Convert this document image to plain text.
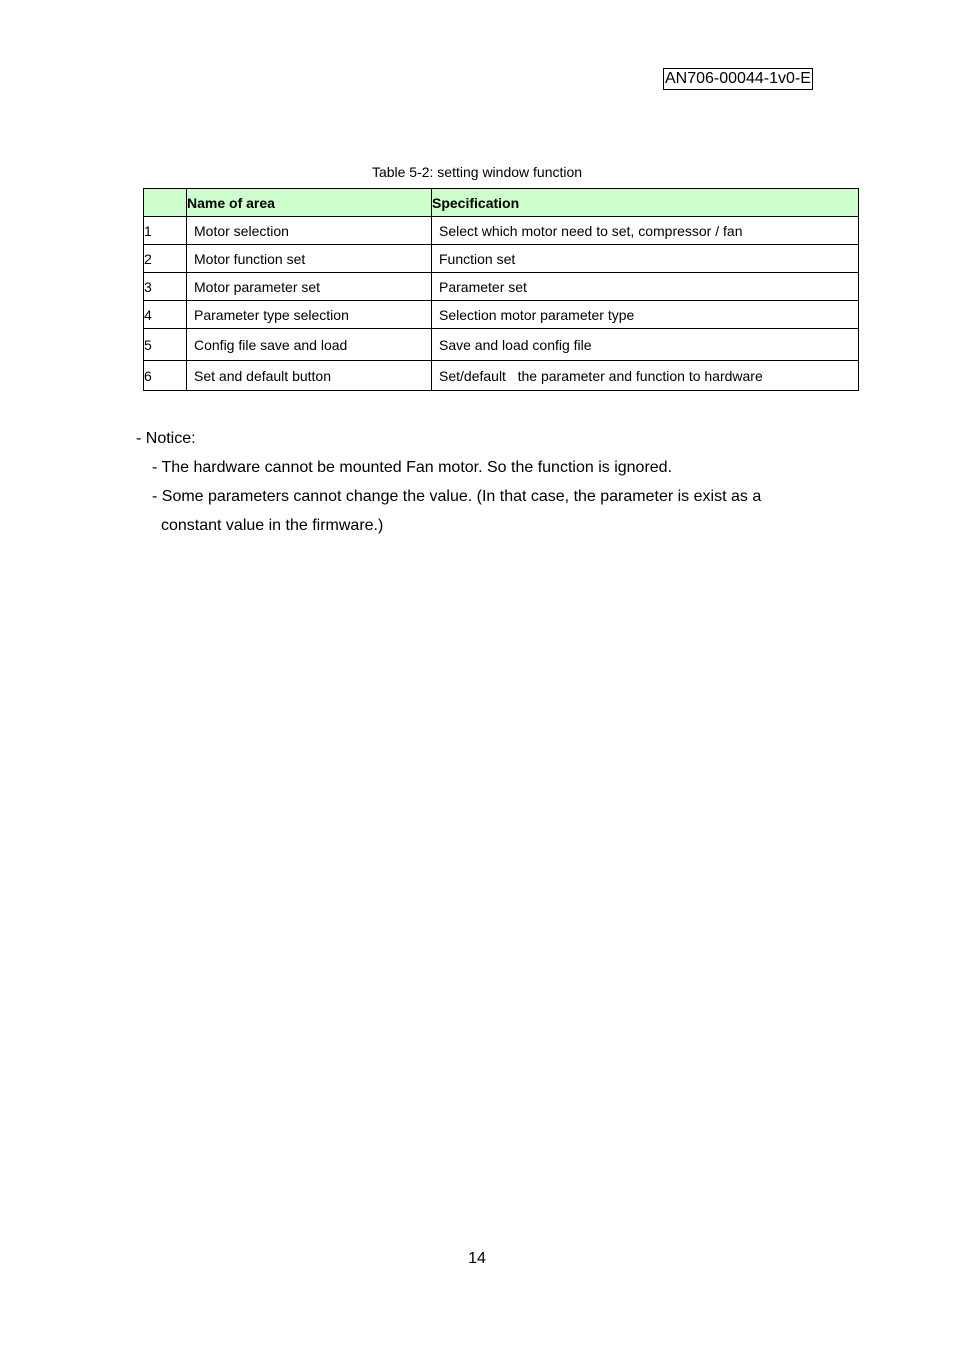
AN706-00044-1v0-E
Table 5-2: setting window function
	Name of area	Specification
1	Motor selection	Select which motor need to set, compressor / fan
2	Motor function set	Function set
3	Motor parameter set	Parameter set
4	Parameter type selection	Selection motor parameter type
5	Config file save and load	Save and load config file
6	Set and default button	Set/default   the parameter and function to hardware
- Notice:
- The hardware cannot be mounted Fan motor. So the function is ignored.
- Some parameters cannot change the value. (In that case, the parameter is exist as a
constant value in the firmware.)
14
